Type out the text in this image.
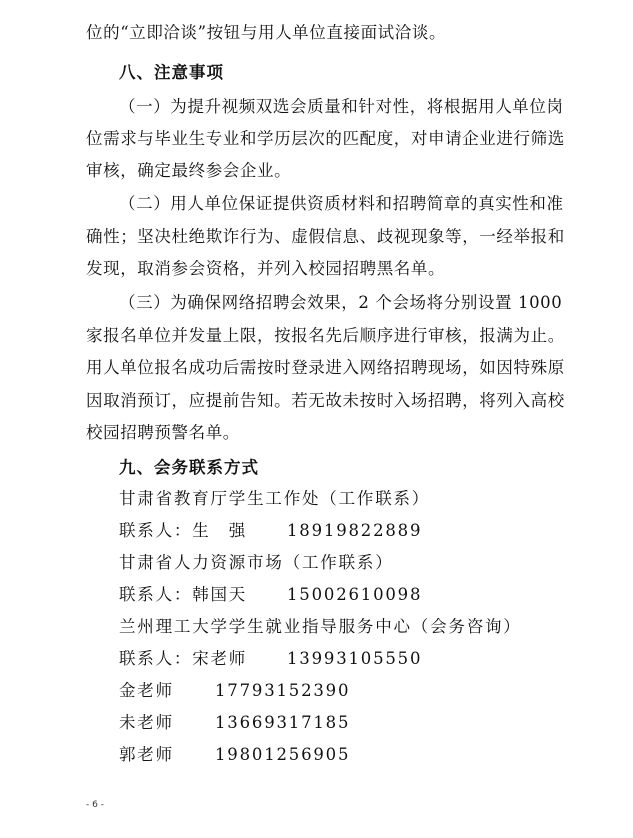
位的“立即洽谈”按钮与用人单位直接面试洽谈。
八、注意事项
（一）为提升视频双选会质量和针对性，将根据用人单位岗
位需求与毕业生专业和学历层次的匹配度，对申请企业进行筛选
审核，确定最终参会企业。
（二）用人单位保证提供资质材料和招聘简章的真实性和准
确性；坚决杜绝欺诈行为、虚假信息、歧视现象等，一经举报和
发现，取消参会资格，并列入校园招聘黑名单。
（三）为确保网络招聘会效果，2 个会场将分别设置 1000
家报名单位并发量上限，按报名先后顺序进行审核，报满为止。
用人单位报名成功后需按时登录进入网络招聘现场，如因特殊原
因取消预订，应提前告知。若无故未按时入场招聘，将列入高校
校园招聘预警名单。
九、会务联系方式
甘肃省教育厅学生工作处（工作联系）
联系人：生　强 18919822889
甘肃省人力资源市场（工作联系）
联系人：韩国天 15002610098
兰州理工大学学生就业指导服务中心（会务咨询）
联系人：宋老师 13993105550
金老师 17793152390
未老师 13669317185
郭老师 19801256905
- 6 -
